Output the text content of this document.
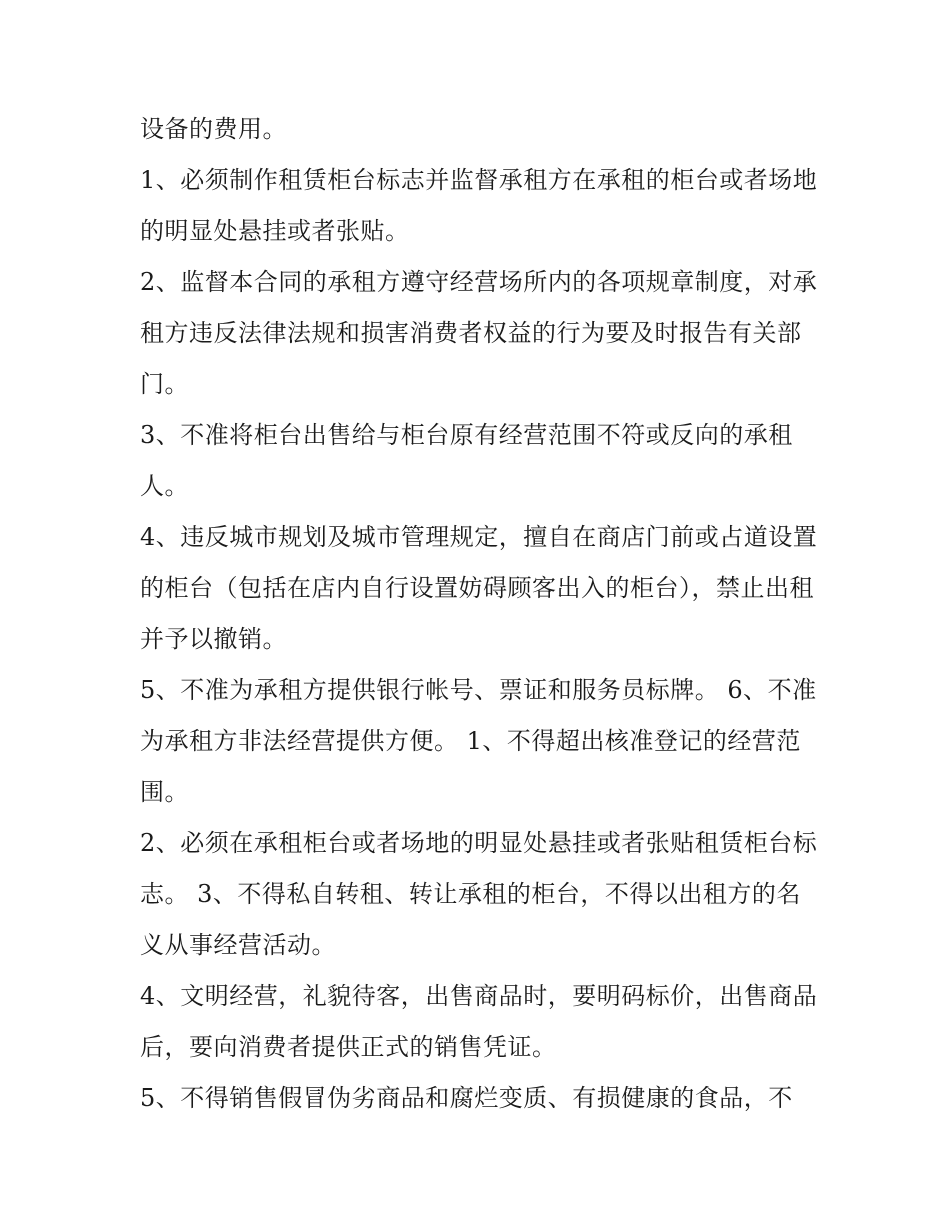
设备的费用。

1、必须制作租赁柜台标志并监督承租方在承租的柜台或者场地的明显处悬挂或者张贴。

2、监督本合同的承租方遵守经营场所内的各项规章制度，对承租方违反法律法规和损害消费者权益的行为要及时报告有关部门。

3、不准将柜台出售给与柜台原有经营范围不符或反向的承租人。

4、违反城市规划及城市管理规定，擅自在商店门前或占道设置的柜台（包括在店内自行设置妨碍顾客出入的柜台），禁止出租并予以撤销。

5、不准为承租方提供银行帐号、票证和服务员标牌。 6、不准为承租方非法经营提供方便。 1、不得超出核准登记的经营范围。

2、必须在承租柜台或者场地的明显处悬挂或者张贴租赁柜台标志。 3、不得私自转租、转让承租的柜台，不得以出租方的名义从事经营活动。

4、文明经营，礼貌待客，出售商品时，要明码标价，出售商品后，要向消费者提供正式的销售凭证。

5、不得销售假冒伪劣商品和腐烂变质、有损健康的食品，不
